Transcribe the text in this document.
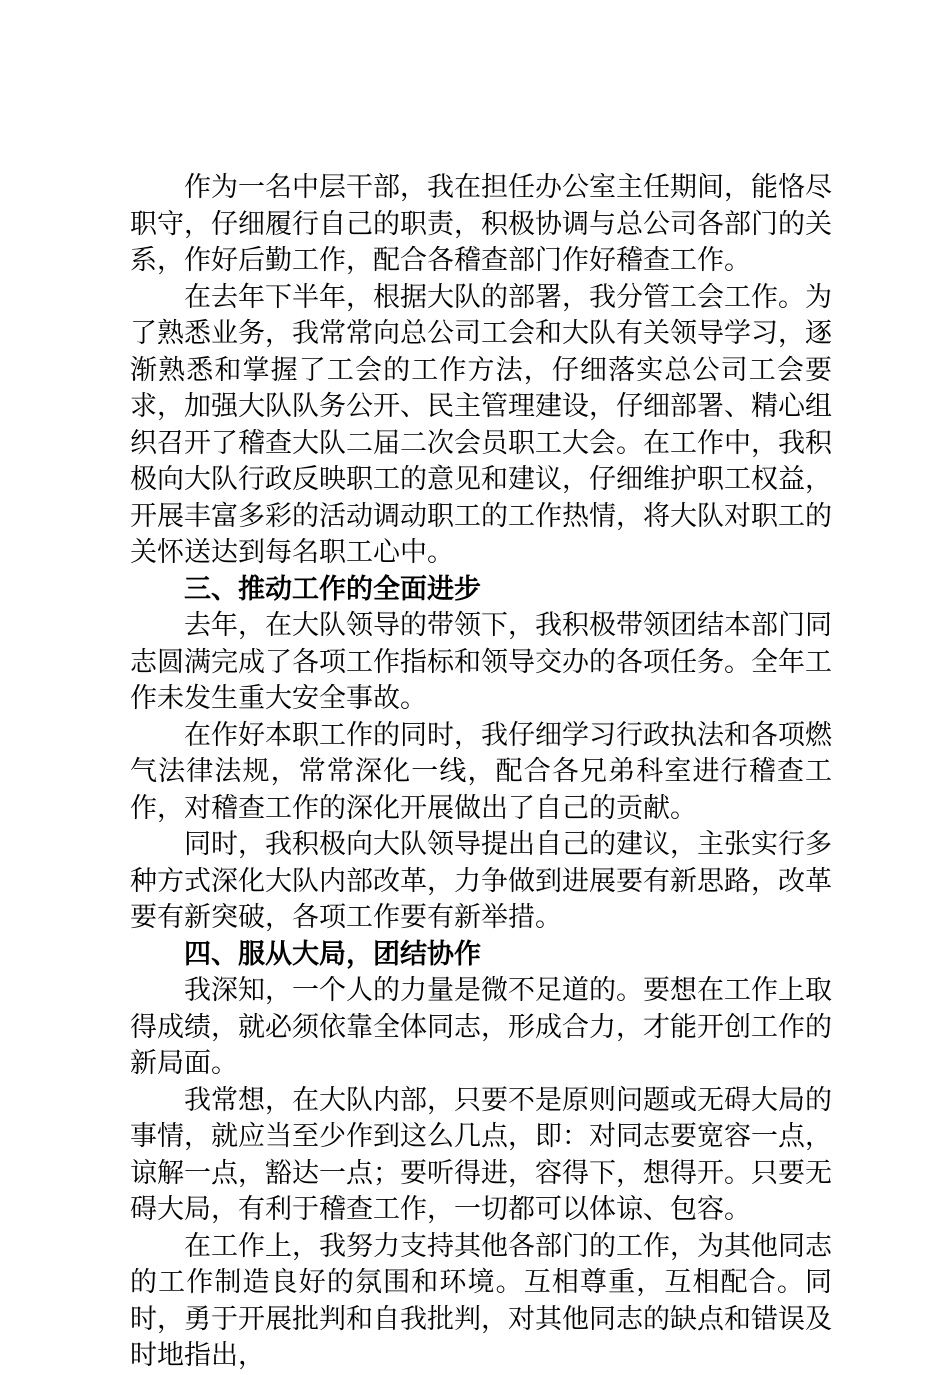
作为一名中层干部，我在担任办公室主任期间，能恪尽职守，仔细履行自己的职责，积极协调与总公司各部门的关系，作好后勤工作，配合各稽查部门作好稽查工作。

在去年下半年，根据大队的部署，我分管工会工作。为了熟悉业务，我常常向总公司工会和大队有关领导学习，逐渐熟悉和掌握了工会的工作方法，仔细落实总公司工会要求，加强大队队务公开、民主管理建设，仔细部署、精心组织召开了稽查大队二届二次会员职工大会。在工作中，我积极向大队行政反映职工的意见和建议，仔细维护职工权益，开展丰富多彩的活动调动职工的工作热情，将大队对职工的关怀送达到每名职工心中。

三、推动工作的全面进步

去年，在大队领导的带领下，我积极带领团结本部门同志圆满完成了各项工作指标和领导交办的各项任务。全年工作未发生重大安全事故。

在作好本职工作的同时，我仔细学习行政执法和各项燃气法律法规，常常深化一线，配合各兄弟科室进行稽查工作，对稽查工作的深化开展做出了自己的贡献。

同时，我积极向大队领导提出自己的建议，主张实行多种方式深化大队内部改革，力争做到进展要有新思路，改革要有新突破，各项工作要有新举措。

四、服从大局，团结协作

我深知，一个人的力量是微不足道的。要想在工作上取得成绩，就必须依靠全体同志，形成合力，才能开创工作的新局面。

我常想，在大队内部，只要不是原则问题或无碍大局的事情，就应当至少作到这么几点，即：对同志要宽容一点，谅解一点，豁达一点；要听得进，容得下，想得开。只要无碍大局，有利于稽查工作，一切都可以体谅、包容。

在工作上，我努力支持其他各部门的工作，为其他同志的工作制造良好的氛围和环境。互相尊重，互相配合。同时，勇于开展批判和自我批判，对其他同志的缺点和错误及时地指出，
